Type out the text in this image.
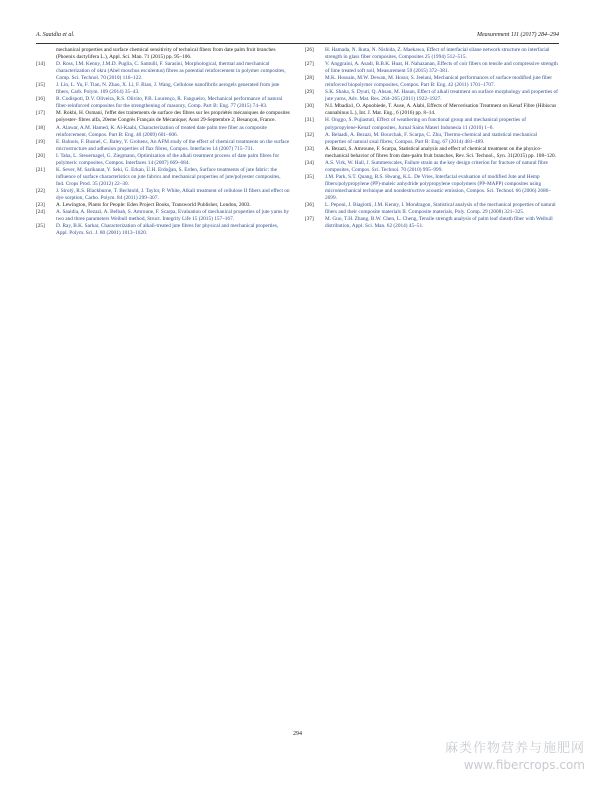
A. Saaidia et al.	Measurement 111 (2017) 284–294

mechanical properties and surface chemical sensitivity of technical fibers from date palm fruit branches (Phoenix dactylifera L.), Appl. Sci. Man. 71 (2015) pp. 95–106.

[14]	D. Ross, I.M. Kenny, J.M.D. Puglia, C. Santulli, F. Sarasini, Morphological, thermal and mechanical characterization of okra (Abel moschus esculentus) fibres as potential reinforcement in polymer composites, Comp. Sci. Technol. 70 (2010) 116–122.

[15]	J. Lin, L. Yu, F. Tian, N. Zhao, X. Li, F. Bian, J. Wang, Cellulose nanofibrils aerogels generated from jute fibers, Carb. Polym. 109 (2014) 35–43.

[16]	R. Codispoti, D.V. Oliveira, R.S. Olivito, P.B. Lourenço, R. Fangueiro, Mechanical performance of natural fiber-reinforced composites for the strengthening of masonry, Comp. Part B: Eng. 77 (2015) 74–83.

[17]	M. Rokbi, H. Osmani, l'effet des traitements de surface des fibres sur les propriétés mécaniques de composites polyester- fibres alfa, 20eme Congrès Français de Mécanique; Aout 29-Septembre 2; Besançon, France.

[18]	A. Alawar, A.M. Hamed, K. Al-Kaabi, Characterization of treated date palm tree fiber as composite reinforcement, Compos. Part B: Eng. 40 (2009) 601–606.

[19]	E. Balnois, F. Busnel, C. Baley, Y. Grohens, An AFM study of the effect of chemical treatments on the surface microstructure and adhesion properties of flax fibres, Compos. Interfaces 14 (2007) 715–731.

[20]	I. Taha, L. Steuernagel, G. Ziegmann, Optimization of the alkali treatment process of date palm fibres for polymeric composites, Compos. Interfaces 14 (2007) 669–684.

[21]	K. Sever, M. Sarikanat, Y. Seki, G. Erkan, Ü.H. Erdoğan, S. Erden, Surface treatments of jute fabric: the influence of surface characteristics on jute fabrics and mechanical properties of jute/polyester composites, Ind. Crops Prod. 35 (2012) 22–30.

[22]	J. Sirolý, R.S. Blackburne, T. Bechtold, J. Taylor, P. White, Alkali treatment of cellulose II fibers and effect on dye sorption, Carbo. Polym. 84 (2011) 299–307.

[23]	A. Lewington, Plants for People: Eden Project Books, Transworld Publisher, London, 2003.

[24]	A. Saaidia, A. Bezazi, A. Belbah, S. Amroune, F. Scarpa, Evaluation of mechanical properties of jute yarns by two and three parameters Weibull method, Struct. Integrity Life 15 (2015) 157–167.

[25]	D. Ray, B.K. Sarkar, Characterization of alkali-treated jute fibres for physical and mechanical properties, Appl. Polym. Sci. J. 80 (2001) 1013–1020.

[26]	H. Hamada, N. Ikuta, N. Nishida, Z. Maekawa, Effect of interfacial silane network structure on interfacial strength in glass fiber composites, Composites 25 (1994) 512–515.

[27]	V. Anggraini, A. Asadi, B.B.K. Huat, H. Nahazanan, Effects of coir fibers on tensile and compressive strength of lime treated soft soil, Measurement 59 (2015) 372–381.

[28]	M.K. Hossain, M.W. Dewan, M. Hosur, S. Jeelani, Mechanical performances of surface modified jute fiber reinforced biopolymer composites, Compos. Part B: Eng. 42 (2011) 1701–1707.

[29]	S.K. Shaha, S. Dyuti, Q. Ahsan, M. Hasan, Effect of alkali treatment on surface morphology and properties of jute yarns, Adv. Mat. Res. 264–265 (2011) 1922–1927.

[30]	N.I. Mbadia1, O. Apoobiede, T. Ause, A. Alabi, Effects of Mercerisation Treatment on Kenaf Fibre (Hibiscus cannabinus L.), Int. J. Mat. Eng., 6 (2016) pp. 8–14.

[31]	H. Onggo, S. Pujiastuti, Effect of weathering on functional group and mechanical properties of polypropylene-Kenaf composites, Jurnal Sains Materi Indonesia 11 (2010) 1–6.

[32]	A. Belaadi, A. Bezazi, M. Bourchak, F. Scarpa, C. Zhu, Thermo-chemical and statistical mechanical properties of natural sisal fibres, Compos. Part B: Eng. 67 (2014) 481–489.

[33]	A. Bezazi, S. Amroune, F. Scarpa, Statistical analysis and effect of chemical treatment on the physico-mechanical behavior of fibres from date-palm fruit branches, Rev. Sci. Technol., Syn. 31(2015) pp. 108–120.

[34]	A.S. Virk, W. Hall, J. Summerscales, Failure strain as the key design criterion for fracture of natural fibre composites, Compos. Sci. Technol. 70 (2010) 995–999.

[35]	J.M. Park, S.T. Quang, B.S. Hwang, K.L. De Vries, Interfacial evaluation of modified Jute and Hemp fibers/polypropylene (PP)-maleic anhydride polypropylene copolymers (PP-MAPP) composites using micromechanical technique and nondestructive acoustic emission, Compos. Sci. Technol. 66 (2006) 2686–2699.

[36]	L. Peponi, J. Biagiotti, J.M. Kenny, I. Mondragon, Statistical analysis of the mechanical properties of natural fibers and their composite materials II. Composite materials, Poly. Comp. 29 (2008) 321–325.

[37]	M. Guo, T.H. Zhang, B.W. Chen, L. Cheng, Tensile strength analysis of palm leaf sheath fiber with Weibull distribution, Appl. Sci. Man. 62 (2014) 45–51.

294
麻类作物营养与施肥网
www.fibercrops.com
